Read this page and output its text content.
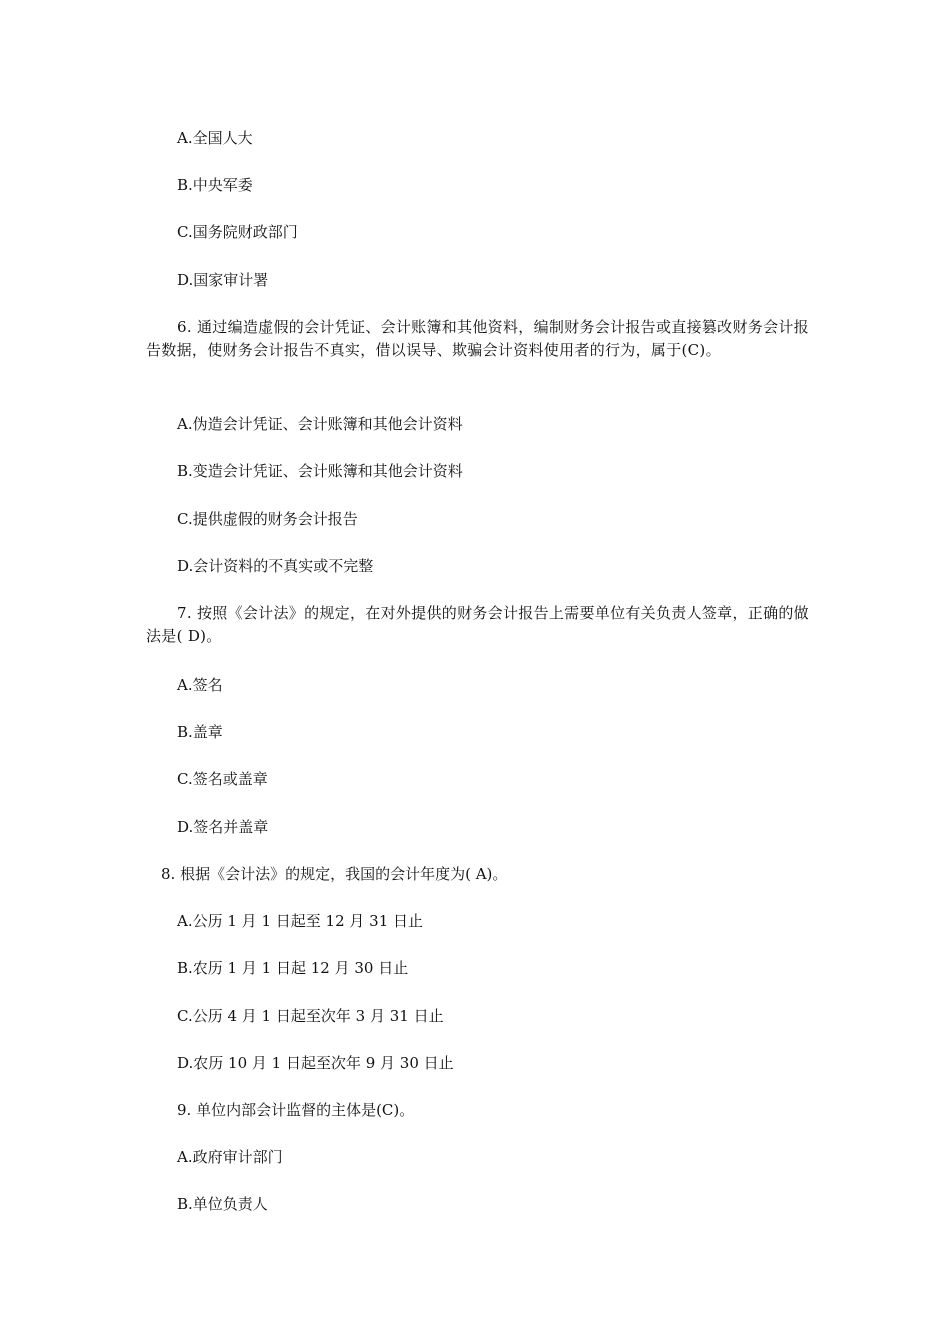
A.全国人大
B.中央军委
C.国务院财政部门
D.国家审计署
6. 通过编造虚假的会计凭证、会计账簿和其他资料，编制财务会计报告或直接篡改财务会计报告数据，使财务会计报告不真实，借以误导、欺骗会计资料使用者的行为，属于(C)。
A.伪造会计凭证、会计账簿和其他会计资料
B.变造会计凭证、会计账簿和其他会计资料
C.提供虚假的财务会计报告
D.会计资料的不真实或不完整
7. 按照《会计法》的规定，在对外提供的财务会计报告上需要单位有关负责人签章，正确的做法是( D)。
A.签名
B.盖章
C.签名或盖章
D.签名并盖章
8. 根据《会计法》的规定，我国的会计年度为( A)。
A.公历 1 月 1 日起至 12 月 31 日止
B.农历 1 月 1 日起 12 月 30 日止
C.公历 4 月 1 日起至次年 3 月 31 日止
D.农历 10 月 1 日起至次年 9 月 30 日止
9. 单位内部会计监督的主体是(C)。
A.政府审计部门
B.单位负责人
